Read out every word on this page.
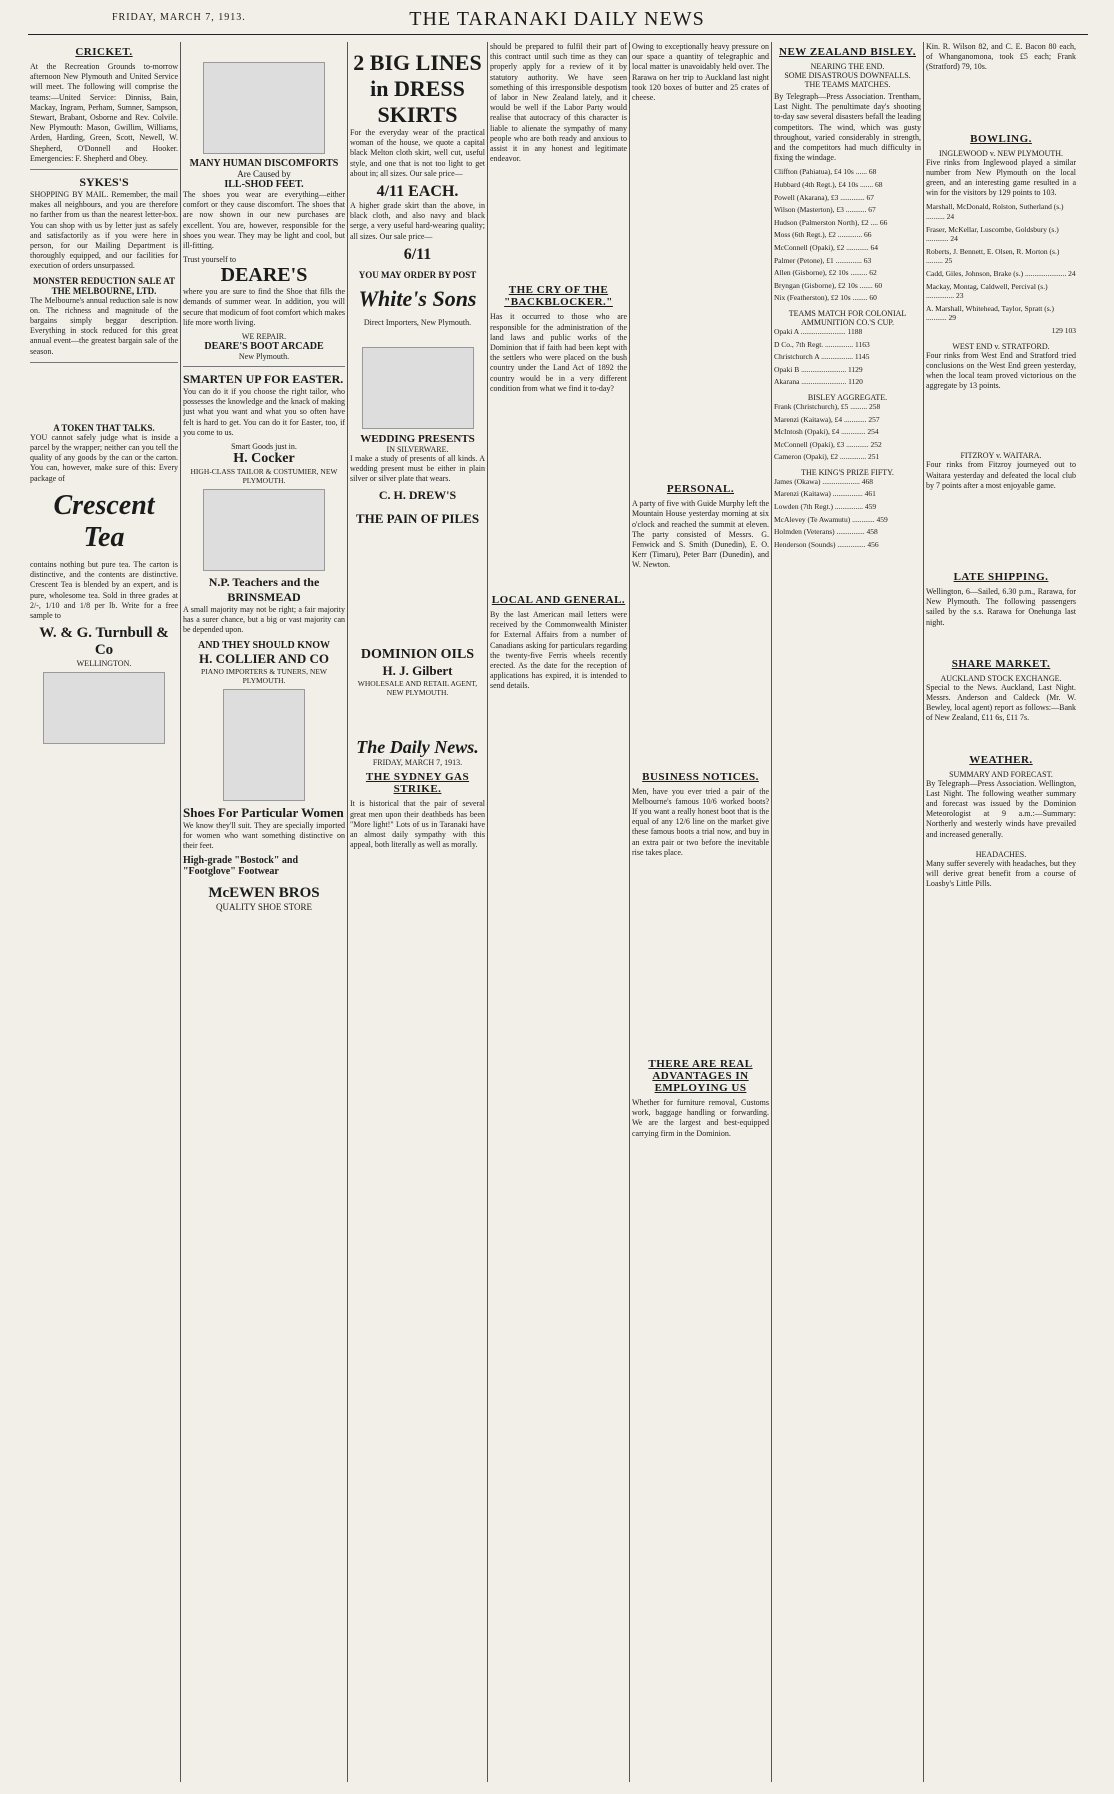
FRIDAY, MARCH 7, 1913.	THE TARANAKI DAILY NEWS
CRICKET.

At the Recreation Grounds to-morrow afternoon New Plymouth and United Service will meet. The following will comprise the teams:—United Service: Dinniss, Bain, Mackay, Ingram, Perham, Sumner, Sampson, Stewart, Brabant, Osborne and Rev. Colvile. New Plymouth: Mason, Gwillim, Williams, Arden, Harding, Green, Scott, Newell, W. Shepherd, O'Donnell and Hooker. Emergencies: F. Shepherd and Obey.

SYKES'S

SHOPPING BY MAIL. Remember, the mail makes all neighbours, and you are therefore no farther from us than the nearest letter-box. You can shop with us by letter just as safely and satisfactorily as if you were here in person, for our Mailing Department is thoroughly equipped, and our facilities for execution of orders unsurpassed.

MONSTER REDUCTION SALE AT THE MELBOURNE, LTD.

The Melbourne's annual reduction sale is now on. The richness and magnitude of the bargains simply beggar description. Everything in stock reduced for this great annual event—the greatest bargain sale of the season.

A TOKEN THAT TALKS.

YOU cannot safely judge what is inside a parcel by the wrapper; neither can you tell the quality of any goods by the can or the carton. You can, however, make sure of this: Every package of

Crescent Tea

contains nothing but pure tea. The carton is distinctive, and the contents are distinctive. Crescent Tea is blended by an expert, and is pure, wholesome tea. Sold in three grades at 2/-, 1/10 and 1/8 per lb. Write for a free sample to

W. & G. Turnbull & Co
WELLINGTON.
MANY HUMAN DISCOMFORTS
Are Caused by
ILL-SHOD FEET.

The shoes you wear are everything—either comfort or they cause discomfort. The shoes that are now shown in our new purchases are excellent. You are, however, responsible for the shoes you wear. They may be light and cool, but ill-fitting.

Trust yourself to
DEARE'S

where you are sure to find the Shoe that fills the demands of summer wear. In addition, you will secure that modicum of foot comfort which makes life more worth living.

WE REPAIR.
DEARE'S BOOT ARCADE
New Plymouth.
SMARTEN UP FOR EASTER.

You can do it if you choose the right tailor, who possesses the knowledge and the knack of making just what you want and what you so often have felt is hard to get. You can do it for Easter, too, if you come to us.

Smart Goods just in.
H. Cocker
HIGH-CLASS TAILOR & COSTUMIER, NEW PLYMOUTH.
N.P. Teachers and the BRINSMEAD

A small majority may not be right; a fair majority has a surer chance, but a big or vast majority can be depended upon.

AND THEY SHOULD KNOW
H. COLLIER AND CO
PIANO IMPORTERS & TUNERS, NEW PLYMOUTH.
Shoes For Particular Women

We know they'll suit. They are specially imported for women who want something distinctive on their feet.

High-grade "Bostock" and "Footglove" Footwear
McEWEN BROS
QUALITY SHOE STORE
2 BIG LINES in DRESS SKIRTS

For the everyday wear of the practical woman of the house, we quote a capital black Melton cloth skirt, well cut, useful style, and one that is not too light to get about in; all sizes. Our sale price—

4/11 EACH.

A higher grade skirt than the above, in black cloth, and also navy and black serge, a very useful hard-wearing quality; all sizes. Our sale price—

6/11
YOU MAY ORDER BY POST
White's Sons
Direct Importers, New Plymouth.
WEDDING PRESENTS
IN SILVERWARE.

I make a study of presents of all kinds. A wedding present must be either in plain silver or silver plate that wears.

C. H. DREW'S
THE PAIN OF PILES
DOMINION OILS
H. J. Gilbert
WHOLESALE AND RETAIL AGENT, NEW PLYMOUTH.
The Daily News.
FRIDAY, MARCH 7, 1913.
THE SYDNEY GAS STRIKE.

It is historical that the pair of several great men upon their deathbeds has been "More light!" Lots of us in Taranaki have an almost daily sympathy with this appeal, both literally as well as morally.

should be prepared to fulfil their part of this contract until such time as they can properly apply for a review of it by statutory authority. We have seen something of this irresponsible despotism of labor in New Zealand lately, and it would be well if the Labor Party would realise that autocracy of this character is liable to alienate the sympathy of many people who are both ready and anxious to assist it in any honest and legitimate endeavor.

THE CRY OF THE "BACKBLOCKER."

Has it occurred to those who are responsible for the administration of the land laws and public works of the Dominion that if faith had been kept with the settlers who were placed on the bush country under the Land Act of 1892 the country would be in a very different condition from what we find it to-day?

LOCAL AND GENERAL.

By the last American mail letters were received by the Commonwealth Minister for External Affairs from a number of Canadians asking for particulars regarding the twenty-five Ferris wheels recently erected. As the date for the reception of applications has expired, it is intended to send details.

Owing to exceptionally heavy pressure on our space a quantity of telegraphic and local matter is unavoidably held over. The Rarawa on her trip to Auckland last night took 120 boxes of butter and 25 crates of cheese.

PERSONAL.

A party of five with Guide Murphy left the Mountain House yesterday morning at six o'clock and reached the summit at eleven. The party consisted of Messrs. G. Fenwick and S. Smith (Dunedin), E. O. Kerr (Timaru), Peter Barr (Dunedin), and W. Newton.

BUSINESS NOTICES.

Men, have you ever tried a pair of the Melbourne's famous 10/6 worked boots? If you want a really honest boot that is the equal of any 12/6 line on the market give these famous boots a trial now, and buy in an extra pair or two before the inevitable rise takes place.

THERE ARE REAL ADVANTAGES IN EMPLOYING US

Whether for furniture removal, Customs work, baggage handling or forwarding. We are the largest and best-equipped carrying firm in the Dominion.

NEW ZEALAND BISLEY.
NEARING THE END.
SOME DISASTROUS DOWNFALLS.
THE TEAMS MATCHES.

By Telegraph—Press Association. Trentham, Last Night. The penultimate day's shooting to-day saw several disasters befall the leading competitors. The wind, which was gusty throughout, varied considerably in strength, and the competitors had much difficulty in fixing the windage.

Cliffton (Pahiatua), £4 10s ...... 68
Hubbard (4th Regt.), £4 10s ....... 68
Powell (Akarana), £3 ............. 67
Wilson (Masterton), £3 ........... 67
Hudson (Palmerston North), £2 .... 66
Moss (6th Regt.), £2 ............. 66
McConnell (Opaki), £2 ............ 64
Palmer (Petone), £1 .............. 63
Allen (Gisborne), £2 10s ......... 62
Bryngan (Gisborne), £2 10s ....... 60
Nix (Featherston), £2 10s ........ 60
TEAMS MATCH FOR COLONIAL AMMUNITION CO.'S CUP.
Opaki A ........................ 1188
D Co., 7th Regt. ............... 1163
Christchurch A ................. 1145
Opaki B ........................ 1129
Akarana ........................ 1120
BISLEY AGGREGATE.
Frank (Christchurch), £5 ......... 258
Marenzi (Kaitawa), £4 ............ 257
McIntosh (Opaki), £4 ............. 254
McConnell (Opaki), £3 ............ 252
Cameron (Opaki), £2 .............. 251
THE KING'S PRIZE FIFTY.
James (Okawa) .................... 468
Marenzi (Kaitawa) ................ 461
Lowden (7th Regt.) ............... 459
McAlevey (Te Awamutu) ............ 459
Holmden (Veterans) ............... 458
Henderson (Sounds) ............... 456

Kin. R. Wilson 82, and C. E. Bacon 80 each, of Whanganomona, took £5 each; Frank (Stratford) 79, 10s.

BOWLING.
INGLEWOOD v. NEW PLYMOUTH.

Five rinks from Inglewood played a similar number from New Plymouth on the local green, and an interesting game resulted in a win for the visitors by 129 points to 103.

Marshall, McDonald, Rolston, Sutherland (s.) .......... 24
Fraser, McKellar, Luscombe, Goldsbury (s.) ............ 24
Roberts, J. Bennett, E. Olsen, R. Morton (s.) ......... 25
Cadd, Giles, Johnson, Brake (s.) ...................... 24
Mackay, Montag, Caldwell, Percival (s.) ............... 23
A. Marshall, Whitehead, Taylor, Spratt (s.) ........... 29
129 103
WEST END v. STRATFORD.

Four rinks from West End and Stratford tried conclusions on the West End green yesterday, when the local team proved victorious on the aggregate by 13 points.

FITZROY v. WAITARA.

Four rinks from Fitzroy journeyed out to Waitara yesterday and defeated the local club by 7 points after a most enjoyable game.

LATE SHIPPING.

Wellington, 6—Sailed, 6.30 p.m., Rarawa, for New Plymouth. The following passengers sailed by the s.s. Rarawa for Onehunga last night.

SHARE MARKET.
AUCKLAND STOCK EXCHANGE.

Special to the News. Auckland, Last Night. Messrs. Anderson and Caldeck (Mr. W. Bewley, local agent) report as follows:—Bank of New Zealand, £11 6s, £11 7s.

WEATHER.
SUMMARY AND FORECAST.

By Telegraph—Press Association. Wellington, Last Night. The following weather summary and forecast was issued by the Dominion Meteorologist at 9 a.m.:—Summary: Northerly and westerly winds have prevailed and increased generally.

HEADACHES.

Many suffer severely with headaches, but they will derive great benefit from a course of Loasby's Little Pills.
